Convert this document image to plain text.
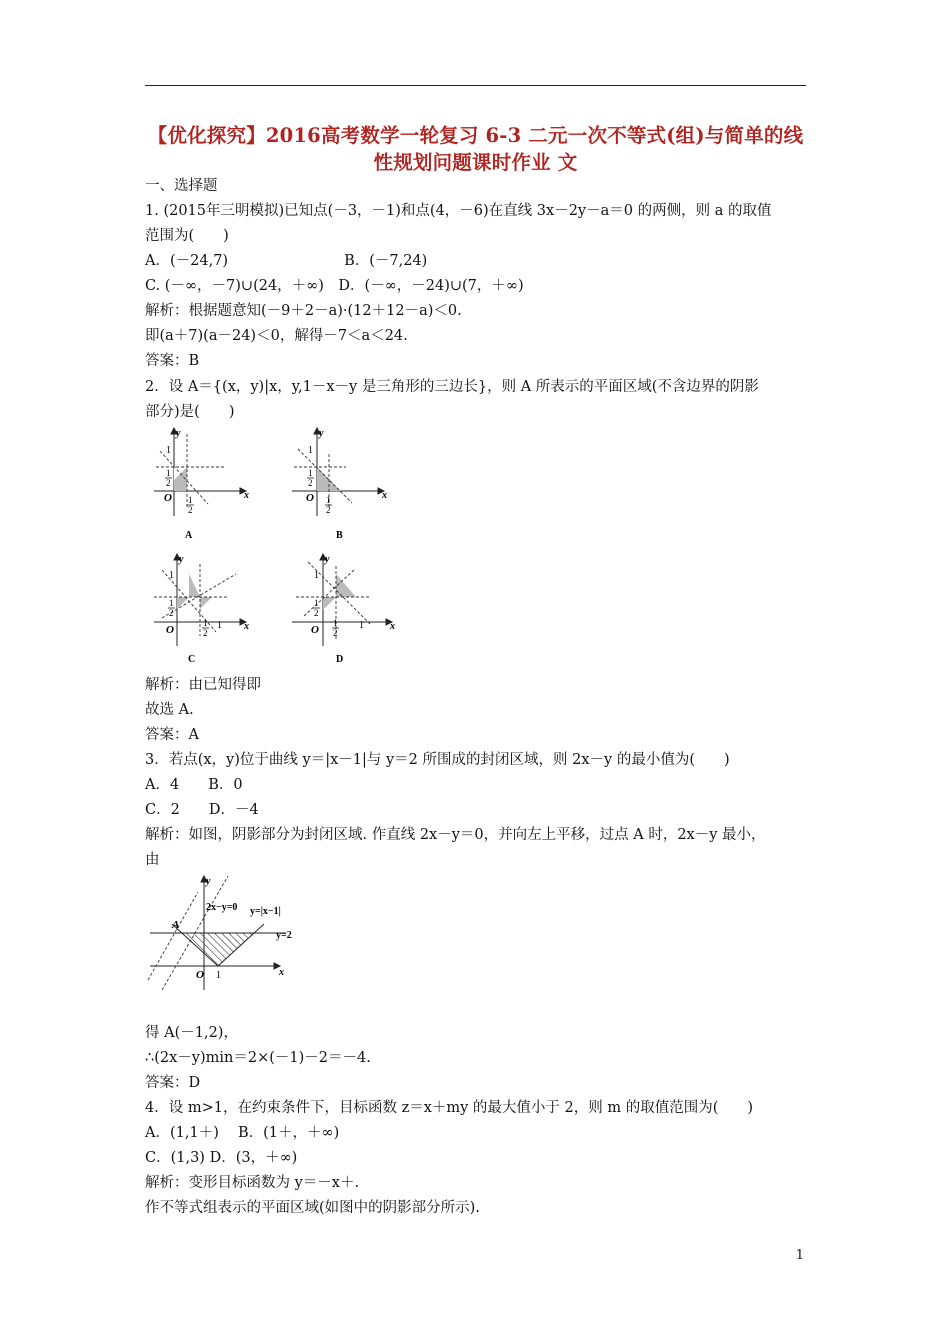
【优化探究】2016高考数学一轮复习 6-3 二元一次不等式(组)与简单的线性规划问题课时作业 文
一、选择题
1. (2015年三明模拟)已知点(－3，－1)和点(4，－6)在直线 3x－2y－a＝0 的两侧，则 a 的取值
范围为(　　)
A．(－24,7)　　　　　　　　B．(－7,24)
C. (－∞，－7)∪(24，＋∞)　D．(－∞，－24)∪(7，＋∞)
解析：根据题意知(－9＋2－a)·(12＋12－a)＜0.
即(a＋7)(a－24)＜0，解得－7＜a＜24.
答案：B
2．设 A＝{(x，y)|x，y,1－x－y 是三角形的三边长}，则 A 所表示的平面区域(不含边界的阴影
部分)是(　　)
y
x
O
1
1
2
1
2
A
y
x
O
1
1
2
1
2
B
y
x
O
1
1
2
1
2
1
C
y
x
O
1
1
2
1
2
1
D
解析：由已知得即
故选 A.
答案：A
3．若点(x，y)位于曲线 y＝|x－1|与 y＝2 所围成的封闭区域，则 2x－y 的最小值为(　　)
A．4　　B．0
C．2　　D．－4
解析：如图，阴影部分为封闭区域. 作直线 2x－y＝0，并向左上平移，过点 A 时，2x－y 最小，
由
y
x
O 1
A
2x−y=0 y=|x−1|
y=2
得 A(－1,2)，
∴(2x－y)min＝2×(－1)－2＝－4.
答案：D
4．设 m>1，在约束条件下，目标函数 z＝x＋my 的最大值小于 2，则 m 的取值范围为(　　)
A．(1,1＋)　 B．(1＋，＋∞)
C．(1,3) D．(3，＋∞)
解析：变形目标函数为 y＝－x＋.
作不等式组表示的平面区域(如图中的阴影部分所示).
1
